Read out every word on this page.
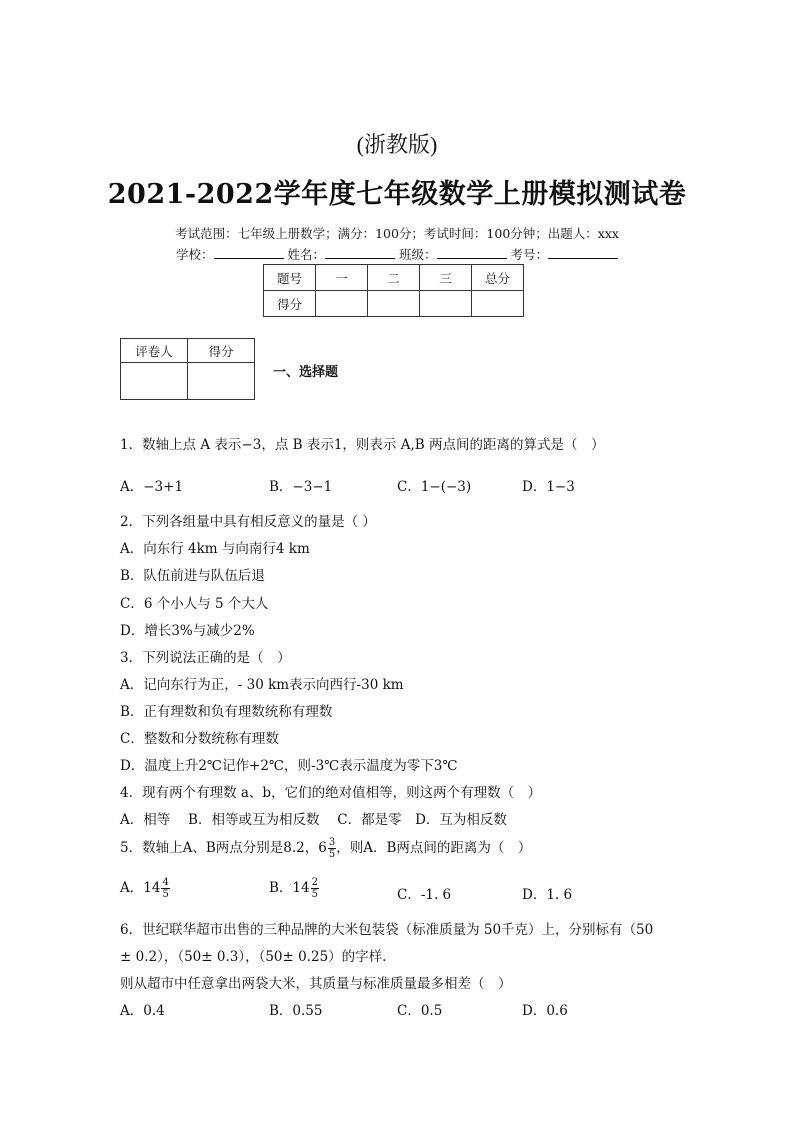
(浙教版)
2021-2022学年度七年级数学上册模拟测试卷
考试范围：七年级上册数学；满分：100分；考试时间：100分钟；出题人：xxx
学校：	姓名：	班级：	考号：
题号	一	二	三	总分
得分				
评卷人	得分

一、选择题
1．数轴上点 A 表示−3，点 B 表示1，则表示 A,B 两点间的距离的算式是（　）
A．−3+1	B．−3−1	C．1−(−3)	D．1−3
2．下列各组量中具有相反意义的量是（ ）
A．向东行 4km 与向南行4 km
B．队伍前进与队伍后退
C．6 个小人与 5 个大人
D．增长3%与减少2%
3．下列说法正确的是（　）
A．记向东行为正，- 30 km表示向西行-30 km
B．正有理数和负有理数统称有理数
C．整数和分数统称有理数
D．温度上升2℃记作+2℃，则-3℃表示温度为零下3℃
4．现有两个有理数 a、b，它们的绝对值相等，则这两个有理数（　）
A．相等　 B．相等或互为相反数　 C．都是零　D．互为相反数
5．数轴上A、B两点分别是8.2， $6 \frac{3}{5}$ ，则A．B两点间的距离为（　）
A． $14 \frac{4}{5}$	B． $14 \frac{2}{5}$	C．-1. 6	D．1. 6
6．世纪联华超市出售的三种品牌的大米包装袋（标准质量为 50千克）上，分别标有（50
± 0.2），（50± 0.3），（50± 0.25）的字样.
则从超市中任意拿出两袋大米，其质量与标准质量最多相差（　）
A．0.4	B．0.55	C．0.5	D．0.6
